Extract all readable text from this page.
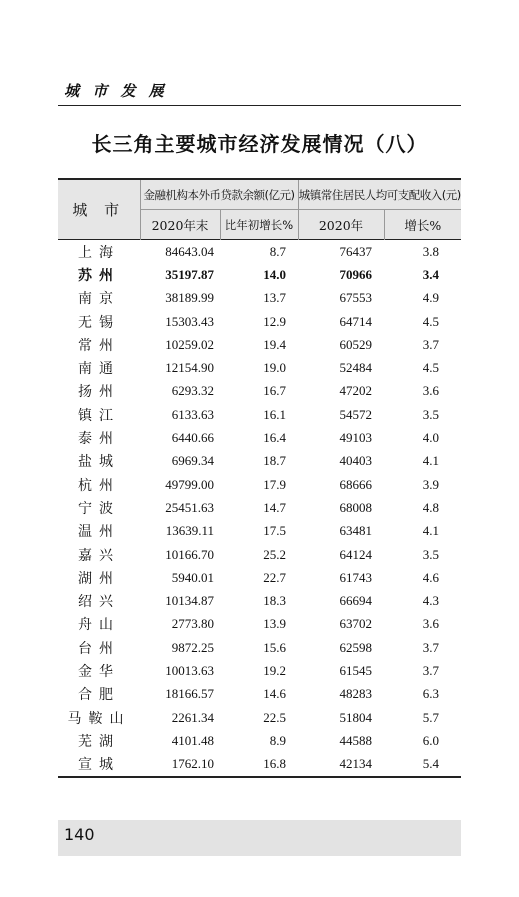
城 市 发 展
长三角主要城市经济发展情况（八）
城 市	金融机构本外币贷款余额(亿元)		城镇常住居民人均可支配收入(元)	
	2020年末	比年初增长%	2020年	增长%
上海	84643.04	8.7	76437	3.8
苏州	35197.87	14.0	70966	3.4
南京	38189.99	13.7	67553	4.9
无锡	15303.43	12.9	64714	4.5
常州	10259.02	19.4	60529	3.7
南通	12154.90	19.0	52484	4.5
扬州	6293.32	16.7	47202	3.6
镇江	6133.63	16.1	54572	3.5
泰州	6440.66	16.4	49103	4.0
盐城	6969.34	18.7	40403	4.1
杭州	49799.00	17.9	68666	3.9
宁波	25451.63	14.7	68008	4.8
温州	13639.11	17.5	63481	4.1
嘉兴	10166.70	25.2	64124	3.5
湖州	5940.01	22.7	61743	4.6
绍兴	10134.87	18.3	66694	4.3
舟山	2773.80	13.9	63702	3.6
台州	9872.25	15.6	62598	3.7
金华	10013.63	19.2	61545	3.7
合肥	18166.57	14.6	48283	6.3
马鞍山	2261.34	22.5	51804	5.7
芜湖	4101.48	8.9	44588	6.0
宣城	1762.10	16.8	42134	5.4
140
